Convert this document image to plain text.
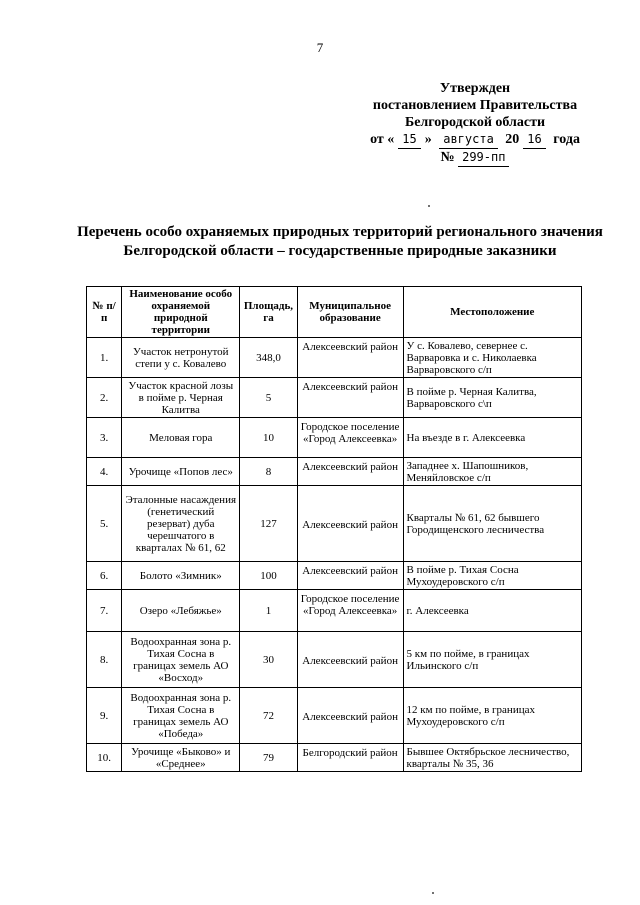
7
Утвержден
постановлением Правительства
Белгородской области
от « 15 » августа 20 16 года
№ 299-пп
Перечень особо охраняемых природных территорий регионального значения Белгородской области – государственные природные заказники
№ п/п	Наименование особо охраняемой природной территории	Площадь, га	Муниципальное образование	Местоположение
1.	Участок нетронутой степи у с. Ковалево	348,0	Алексеевский район	У с. Ковалево, севернее с. Варваровка и с. Николаевка Варваровского с/п
2.	Участок красной лозы в пойме р. Черная Калитва	5	Алексеевский район	В пойме р. Черная Калитва, Варваровского с\п
3.	Меловая гора	10	Городское поселение «Город Алексеевка»	На въезде в г. Алексеевка
4.	Урочище «Попов лес»	8	Алексеевский район	Западнее х. Шапошников, Меняйловское с/п
5.	Эталонные насаждения (генетический резерват) дуба черешчатого в кварталах № 61, 62	127	Алексеевский район	Кварталы № 61, 62 бывшего Городищенского лесничества
6.	Болото «Зимник»	100	Алексеевский район	В пойме р. Тихая Сосна Мухоудеровского с/п
7.	Озеро «Лебяжье»	1	Городское поселение «Город Алексеевка»	г. Алексеевка
8.	Водоохранная зона р. Тихая Сосна в границах земель АО «Восход»	30	Алексеевский район	5 км по пойме, в границах Ильинского с/п
9.	Водоохранная зона р. Тихая Сосна в границах земель АО «Победа»	72	Алексеевский район	12 км по пойме, в границах Мухоудеровского с/п
10.	Урочище «Быково» и «Среднее»	79	Белгородский район	Бывшее Октябрьское лесничество, кварталы № 35, 36
